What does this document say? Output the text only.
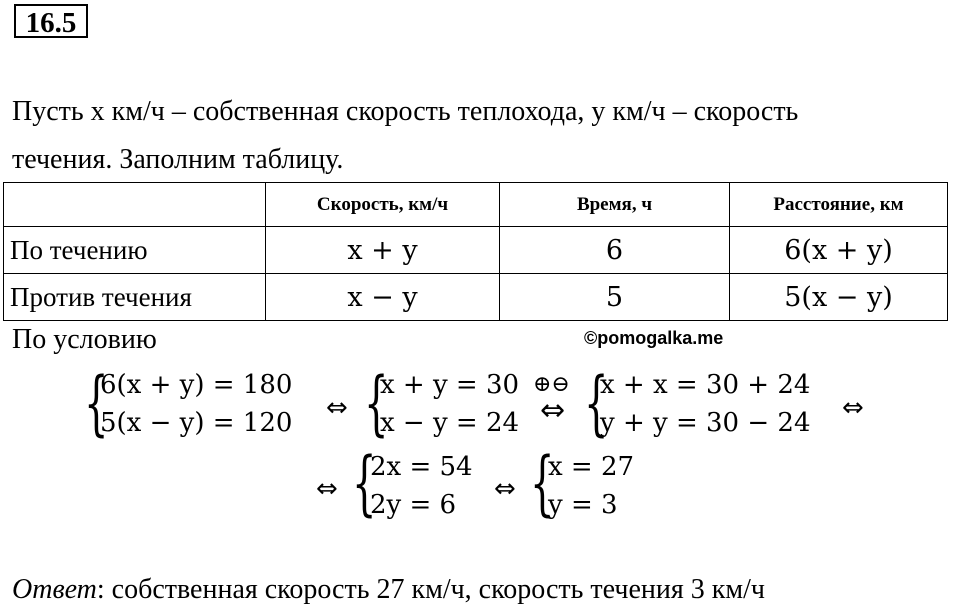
16.5
Пусть x км/ч – собственная скорость теплохода, y км/ч – скорость
течения. Заполним таблицу.
	Скорость, км/ч	Время, ч	Расстояние, км
По течению	x + y	6	6(x + y)
Против течения	x − y	5	5(x − y)
По условию	©pomogalka.me
{
6(x + y) = 180
5(x − y) = 120 ⇔ {
x + y = 30
x − y = 24
⊕⊖
⇔ {
x + x = 30 + 24
y + y = 30 − 24 ⇔
⇔ {
2x = 54
2y = 6
⇔ {
x = 27
y = 3
Ответ: собственная скорость 27 км/ч, скорость течения 3 км/ч
